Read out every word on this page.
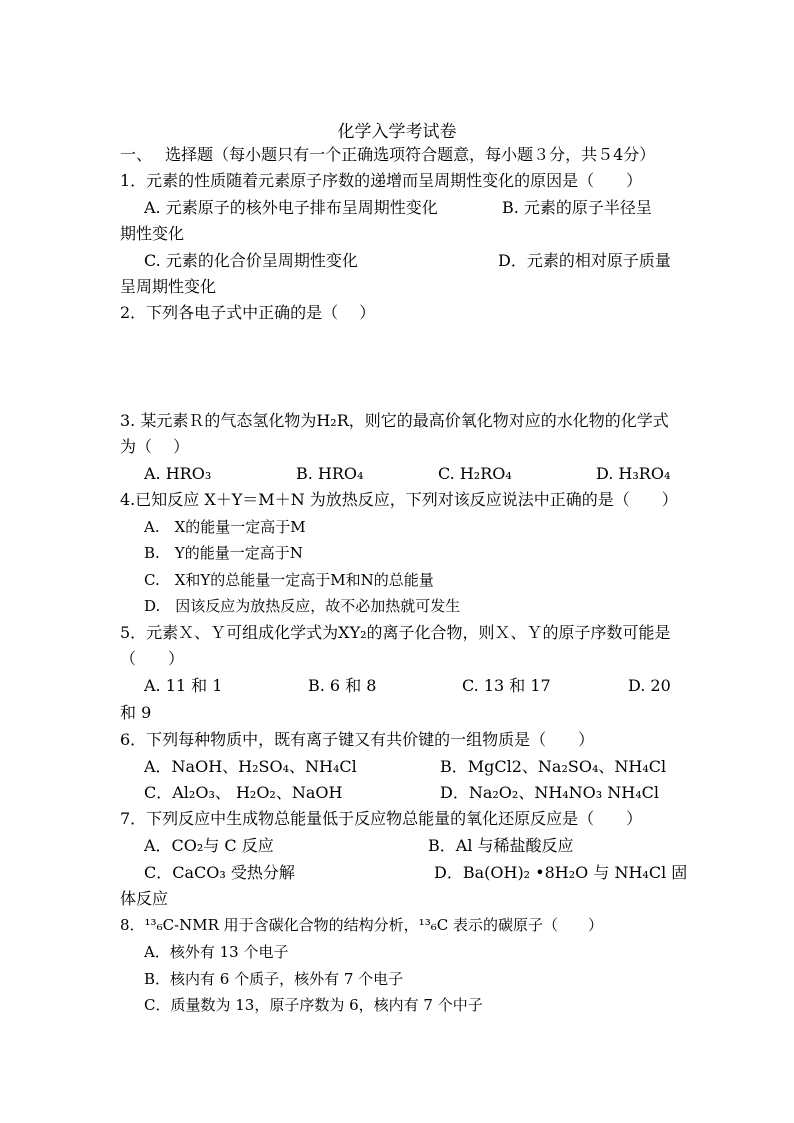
化学入学考试卷
一、　 选择题（每小题只有一个正确选项符合题意，每小题３分，共５4分）
1．元素的性质随着元素原子序数的递增而呈周期性变化的原因是（　　）
A. 元素原子的核外电子排布呈周期性变化	B. 元素的原子半径呈
期性变化
C. 元素的化合价呈周期性变化	D．元素的相对原子质量
呈周期性变化
2．下列各电子式中正确的是（　 ）
3. 某元素Ｒ的气态氢化物为H₂R，则它的最高价氧化物对应的水化物的化学式
为（　 ）
A. HRO₃	B. HRO₄	C. H₂RO₄	D. H₃RO₄
4.已知反应 X＋Y＝M＋N 为放热反应，下列对该反应说法中正确的是（　　）
A.　X的能量一定高于M
B.　Y的能量一定高于N
C.　X和Y的总能量一定高于M和N的总能量
D.　因该反应为放热反应，故不必加热就可发生
5．元素Ｘ、Ｙ可组成化学式为XY₂的离子化合物，则Ｘ、Ｙ的原子序数可能是
（　　）
A. 11 和 1	B. 6 和 8	C. 13 和 17	D. 20
和 9
6．下列每种物质中，既有离子键又有共价键的一组物质是（　　）
A．NaOH、H₂SO₄、NH₄Cl	B．MgCl2、Na₂SO₄、NH₄Cl
C．Al₂O₃、 H₂O₂、NaOH	D．Na₂O₂、NH₄NO₃ NH₄Cl
7．下列反应中生成物总能量低于反应物总能量的氧化还原反应是（　　）
A．CO₂与 C 反应	B．Al 与稀盐酸反应
C．CaCO₃ 受热分解	D．Ba(OH)₂ •8H₂O 与 NH₄Cl 固
体反应
8．¹³₆C-NMR 用于含碳化合物的结构分析，¹³₆C 表示的碳原子（　　）
A．核外有 13 个电子
B．核内有 6 个质子，核外有 7 个电子
C．质量数为 13，原子序数为 6，核内有 7 个中子
